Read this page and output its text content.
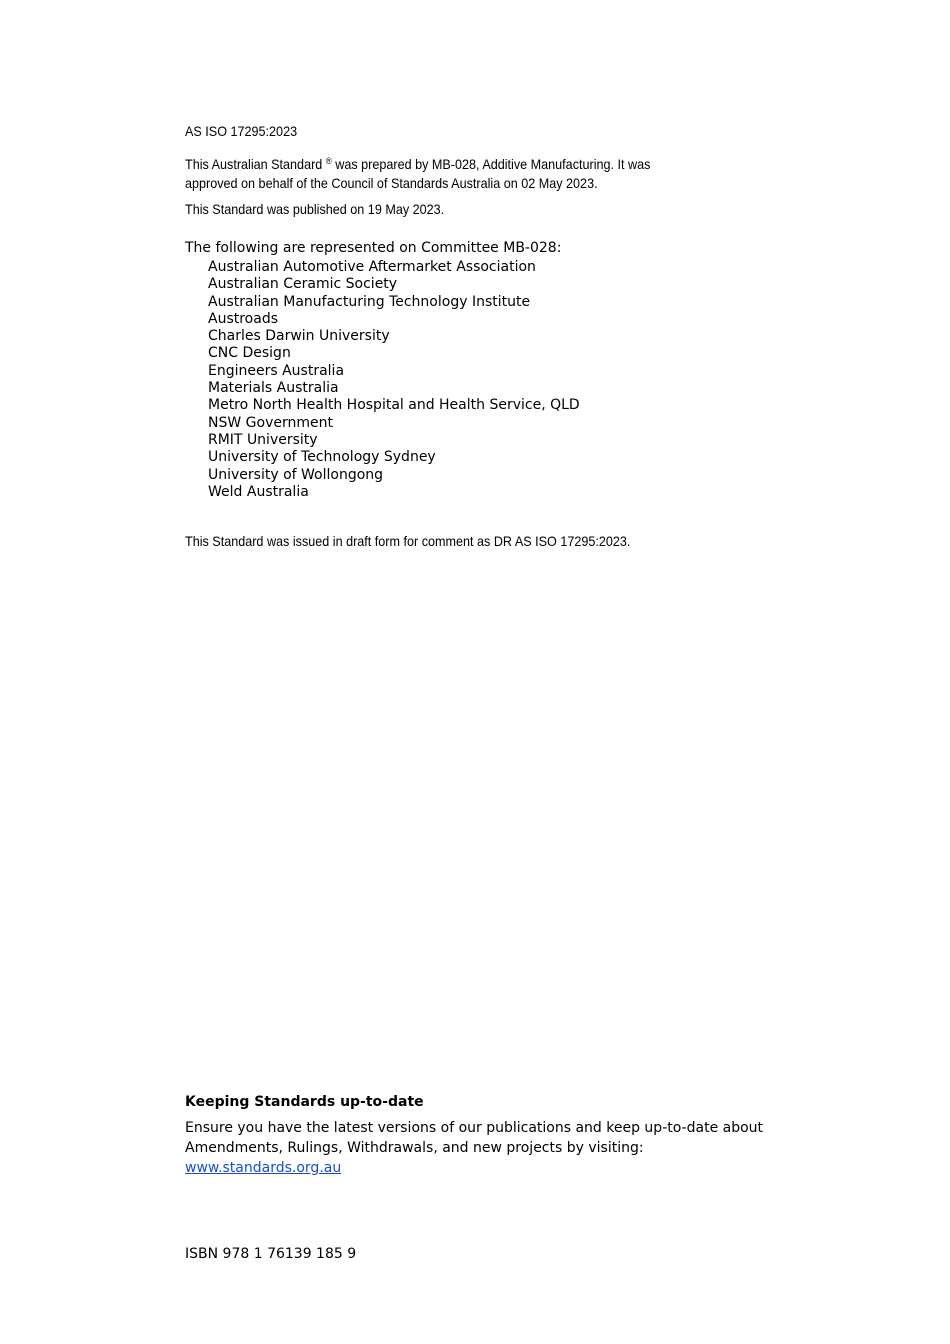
AS ISO 17295:2023
This Australian Standard ® was prepared by MB-028, Additive Manufacturing. It was
approved on behalf of the Council of Standards Australia on 02 May 2023.
This Standard was published on 19 May 2023.
The following are represented on Committee MB-028:
Australian Automotive Aftermarket Association
Australian Ceramic Society
Australian Manufacturing Technology Institute
Austroads
Charles Darwin University
CNC Design
Engineers Australia
Materials Australia
Metro North Health Hospital and Health Service, QLD
NSW Government
RMIT University
University of Technology Sydney
University of Wollongong
Weld Australia
This Standard was issued in draft form for comment as DR AS ISO 17295:2023.
Keeping Standards up-to-date
Ensure you have the latest versions of our publications and keep up-to-date about
Amendments, Rulings, Withdrawals, and new projects by visiting:
www.standards.org.au
ISBN 978 1 76139 185 9
